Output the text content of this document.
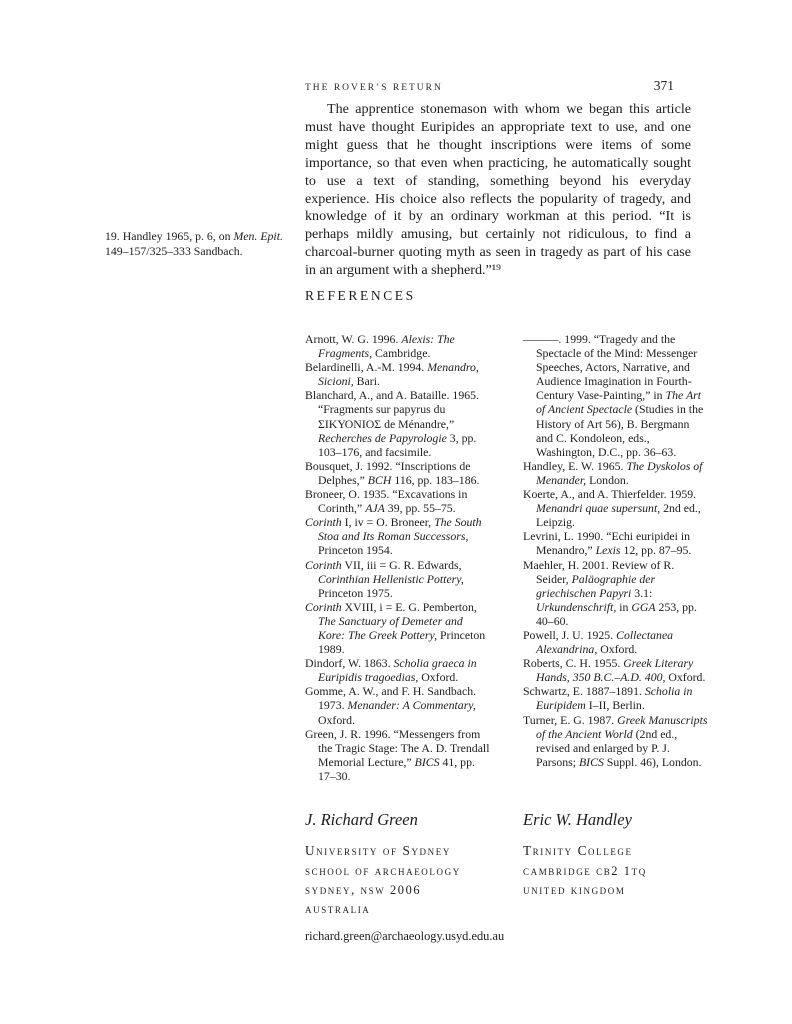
THE ROVER’S RETURN	371

The apprentice stonemason with whom we began this article must have thought Euripides an appropriate text to use, and one might guess that he thought inscriptions were items of some importance, so that even when practicing, he automatically sought to use a text of standing, something beyond his everyday experience. His choice also reflects the popularity of tragedy, and knowledge of it by an ordinary workman at this period. “It is perhaps mildly amusing, but certainly not ridiculous, to find a charcoal-burner quoting myth as seen in tragedy as part of his case in an argument with a shepherd.”¹⁹

19. Handley 1965, p. 6, on Men. Epit. 149–157/325–333 Sandbach.
REFERENCES

Arnott, W. G. 1996. Alexis: The Fragments, Cambridge.

Belardinelli, A.-M. 1994. Menandro, Sicioni, Bari.

Blanchard, A., and A. Bataille. 1965. “Fragments sur papyrus du ΣΙΚΥΟΝΙΟΣ de Ménandre,” Recherches de Papyrologie 3, pp. 103–176, and facsimile.

Bousquet, J. 1992. “Inscriptions de Delphes,” BCH 116, pp. 183–186.

Broneer, O. 1935. “Excavations in Corinth,” AJA 39, pp. 55–75.

Corinth I, iv = O. Broneer, The South Stoa and Its Roman Successors, Princeton 1954.

Corinth VII, iii = G. R. Edwards, Corinthian Hellenistic Pottery, Princeton 1975.

Corinth XVIII, i = E. G. Pemberton, The Sanctuary of Demeter and Kore: The Greek Pottery, Princeton 1989.

Dindorf, W. 1863. Scholia graeca in Euripidis tragoedias, Oxford.

Gomme, A. W., and F. H. Sandbach. 1973. Menander: A Commentary, Oxford.

Green, J. R. 1996. “Messengers from the Tragic Stage: The A. D. Trendall Memorial Lecture,” BICS 41, pp. 17–30.

———. 1999. “Tragedy and the Spectacle of the Mind: Messenger Speeches, Actors, Narrative, and Audience Imagination in Fourth-Century Vase-Painting,” in The Art of Ancient Spectacle (Studies in the History of Art 56), B. Bergmann and C. Kondoleon, eds., Washington, D.C., pp. 36–63.

Handley, E. W. 1965. The Dyskolos of Menander, London.

Koerte, A., and A. Thierfelder. 1959. Menandri quae supersunt, 2nd ed., Leipzig.

Levrini, L. 1990. “Echi euripidei in Menandro,” Lexis 12, pp. 87–95.

Maehler, H. 2001. Review of R. Seider, Paläographie der griechischen Papyri 3.1: Urkundenschrift, in GGA 253, pp. 40–60.

Powell, J. U. 1925. Collectanea Alexandrina, Oxford.

Roberts, C. H. 1955. Greek Literary Hands, 350 B.C.–A.D. 400, Oxford.

Schwartz, E. 1887–1891. Scholia in Euripidem I–II, Berlin.

Turner, E. G. 1987. Greek Manuscripts of the Ancient World (2nd ed., revised and enlarged by P. J. Parsons; BICS Suppl. 46), London.

J. Richard Green

University of Sydney

school of archaeology

sydney, nsw 2006

australia

richard.green@archaeology.usyd.edu.au

Eric W. Handley

Trinity College

cambridge cb2 1tq

united kingdom
